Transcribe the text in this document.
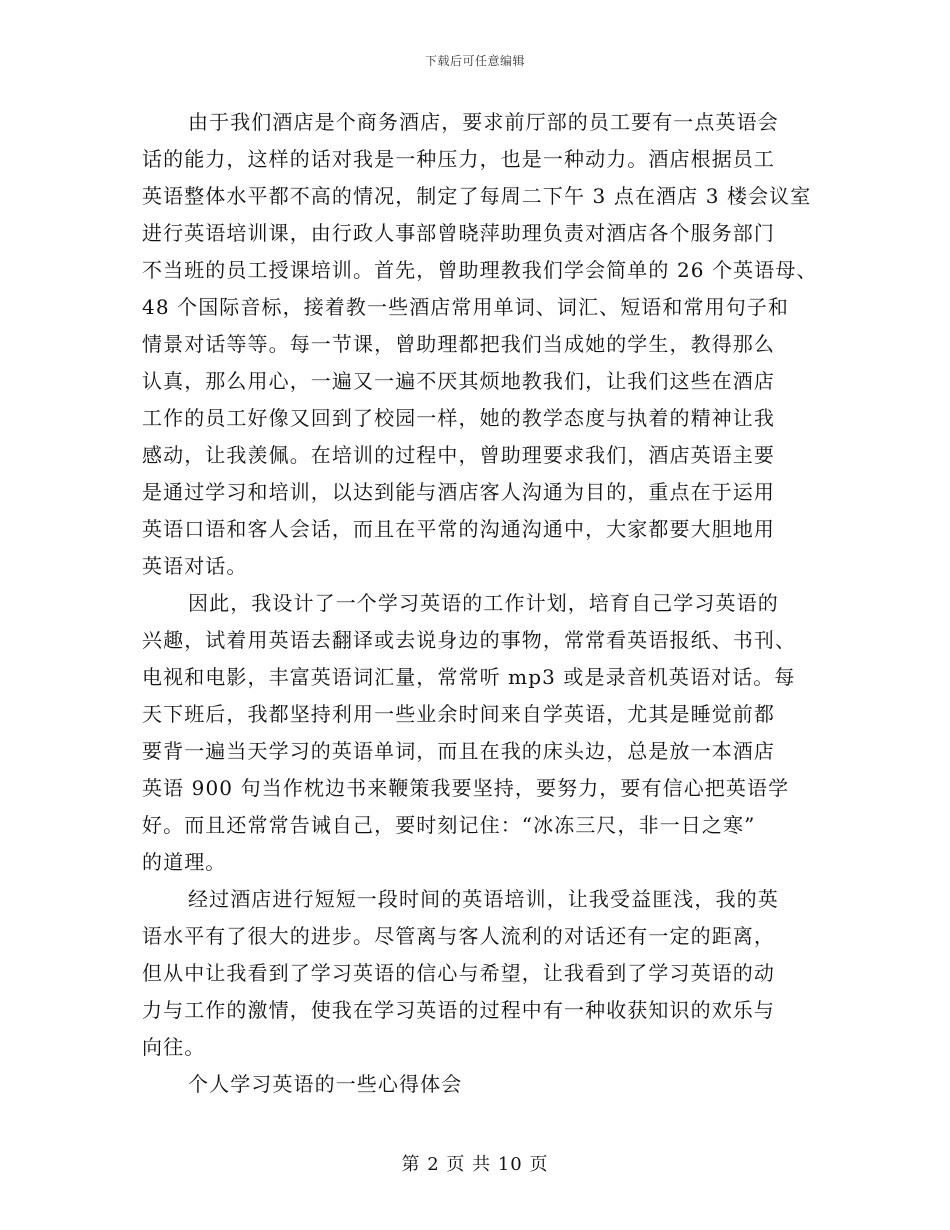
下载后可任意编辑
由于我们酒店是个商务酒店，要求前厅部的员工要有一点英语会
话的能力，这样的话对我是一种压力，也是一种动力。酒店根据员工
英语整体水平都不高的情况，制定了每周二下午 3 点在酒店 3 楼会议室
进行英语培训课，由行政人事部曾晓萍助理负责对酒店各个服务部门
不当班的员工授课培训。首先，曾助理教我们学会简单的 26 个英语母、
48 个国际音标，接着教一些酒店常用单词、词汇、短语和常用句子和
情景对话等等。每一节课，曾助理都把我们当成她的学生，教得那么
认真，那么用心，一遍又一遍不厌其烦地教我们，让我们这些在酒店
工作的员工好像又回到了校园一样，她的教学态度与执着的精神让我
感动，让我羡佩。在培训的过程中，曾助理要求我们，酒店英语主要
是通过学习和培训，以达到能与酒店客人沟通为目的，重点在于运用
英语口语和客人会话，而且在平常的沟通沟通中，大家都要大胆地用
英语对话。
因此，我设计了一个学习英语的工作计划，培育自己学习英语的
兴趣，试着用英语去翻译或去说身边的事物，常常看英语报纸、书刊、
电视和电影，丰富英语词汇量，常常听 mp3 或是录音机英语对话。每
天下班后，我都坚持利用一些业余时间来自学英语，尤其是睡觉前都
要背一遍当天学习的英语单词，而且在我的床头边，总是放一本酒店
英语 900 句当作枕边书来鞭策我要坚持，要努力，要有信心把英语学
好。而且还常常告诫自己，要时刻记住：“冰冻三尺，非一日之寒”
的道理。
经过酒店进行短短一段时间的英语培训，让我受益匪浅，我的英
语水平有了很大的进步。尽管离与客人流利的对话还有一定的距离，
但从中让我看到了学习英语的信心与希望，让我看到了学习英语的动
力与工作的激情，使我在学习英语的过程中有一种收获知识的欢乐与
向往。
个人学习英语的一些心得体会
第 2 页 共 10 页
